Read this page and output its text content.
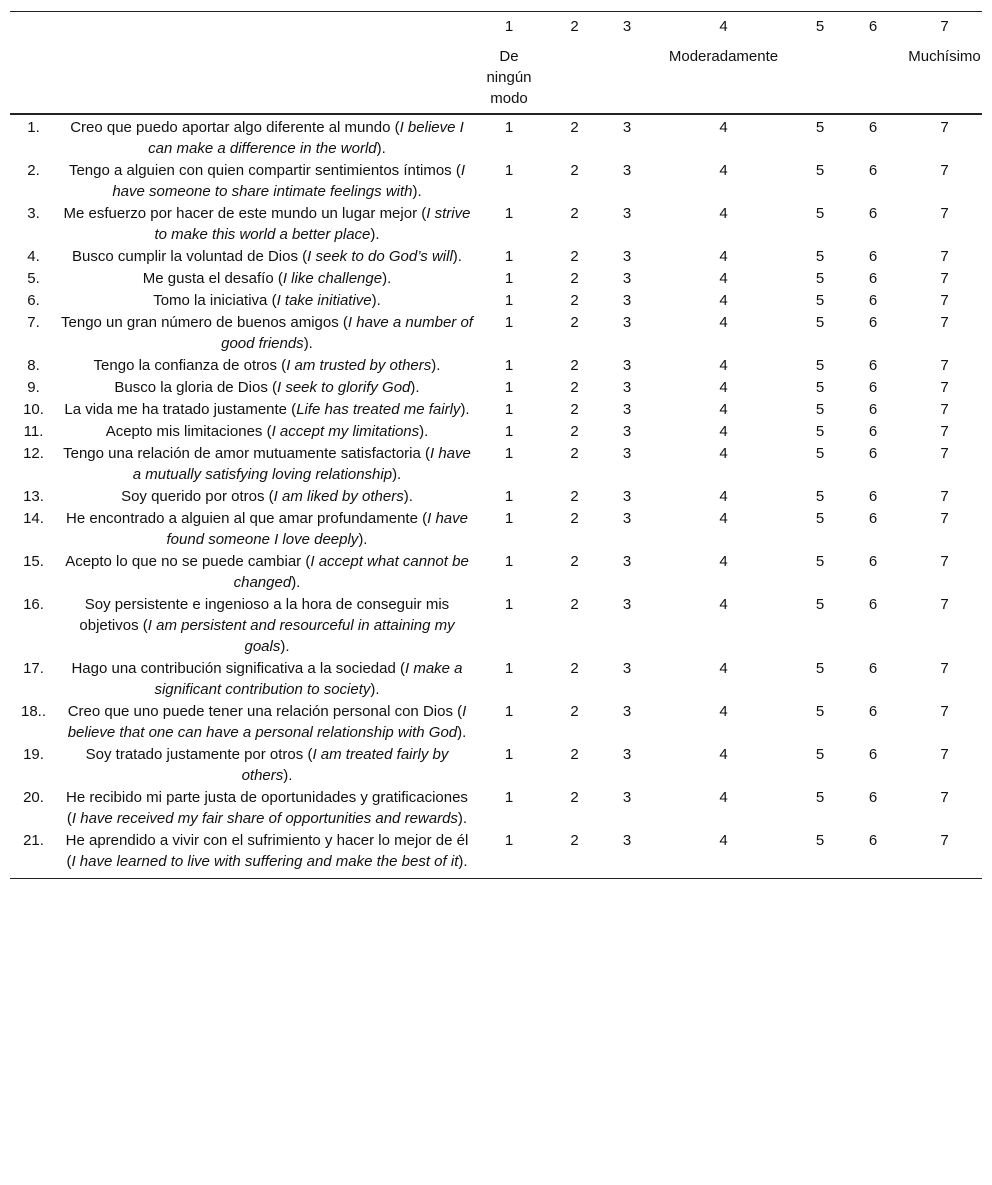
		1	2	3	4	5	6	7
		De ningún modo			Moderadamente			Muchísimo
1.	Creo que puedo aportar algo diferente al mundo (I believe I can make a difference in the world).	1	2	3	4	5	6	7
2.	Tengo a alguien con quien compartir sentimientos íntimos (I have someone to share intimate feelings with).	1	2	3	4	5	6	7
3.	Me esfuerzo por hacer de este mundo un lugar mejor (I strive to make this world a better place).	1	2	3	4	5	6	7
4.	Busco cumplir la voluntad de Dios (I seek to do God’s will).	1	2	3	4	5	6	7
5.	Me gusta el desafío (I like challenge).	1	2	3	4	5	6	7
6.	Tomo la iniciativa (I take initiative).	1	2	3	4	5	6	7
7.	Tengo un gran número de buenos amigos (I have a number of good friends).	1	2	3	4	5	6	7
8.	Tengo la confianza de otros (I am trusted by others).	1	2	3	4	5	6	7
9.	Busco la gloria de Dios (I seek to glorify God).	1	2	3	4	5	6	7
10.	La vida me ha tratado justamente (Life has treated me fairly).	1	2	3	4	5	6	7
11.	Acepto mis limitaciones (I accept my limitations).	1	2	3	4	5	6	7
12.	Tengo una relación de amor mutuamente satisfactoria (I have a mutually satisfying loving relationship).	1	2	3	4	5	6	7
13.	Soy querido por otros (I am liked by others).	1	2	3	4	5	6	7
14.	He encontrado a alguien al que amar profundamente (I have found someone I love deeply).	1	2	3	4	5	6	7
15.	Acepto lo que no se puede cambiar (I accept what cannot be changed).	1	2	3	4	5	6	7
16.	Soy persistente e ingenioso a la hora de conseguir mis objetivos (I am persistent and resourceful in attaining my goals).	1	2	3	4	5	6	7
17.	Hago una contribución significativa a la sociedad (I make a significant contribution to society).	1	2	3	4	5	6	7
18..	Creo que uno puede tener una relación personal con Dios (I believe that one can have a personal relationship with God).	1	2	3	4	5	6	7
19.	Soy tratado justamente por otros (I am treated fairly by others).	1	2	3	4	5	6	7
20.	He recibido mi parte justa de oportunidades y gratificaciones (I have received my fair share of opportunities and rewards).	1	2	3	4	5	6	7
21.	He aprendido a vivir con el sufrimiento y hacer lo mejor de él (I have learned to live with suffering and make the best of it).	1	2	3	4	5	6	7
